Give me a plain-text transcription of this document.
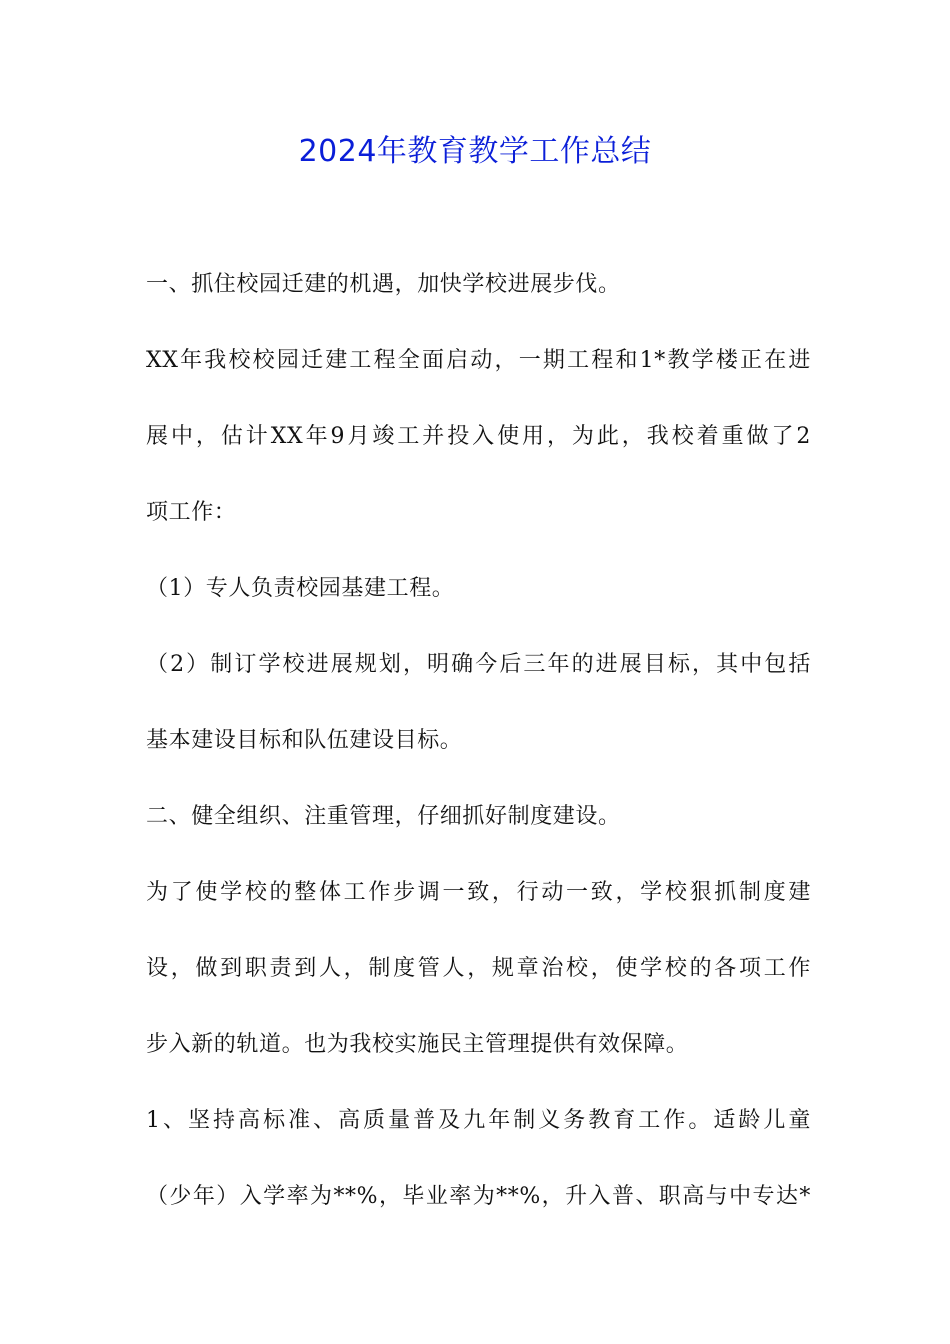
2024年教育教学工作总结

一、抓住校园迁建的机遇，加快学校进展步伐。

XX年我校校园迁建工程全面启动，一期工程和1*教学楼正在进

展中，估计XX年9月竣工并投入使用，为此，我校着重做了2

项工作：

（1）专人负责校园基建工程。

（2）制订学校进展规划，明确今后三年的进展目标，其中包括

基本建设目标和队伍建设目标。

二、健全组织、注重管理，仔细抓好制度建设。

为了使学校的整体工作步调一致，行动一致，学校狠抓制度建

设，做到职责到人，制度管人，规章治校，使学校的各项工作

步入新的轨道。也为我校实施民主管理提供有效保障。

1、坚持高标准、高质量普及九年制义务教育工作。适龄儿童

（少年）入学率为**%，毕业率为**%，升入普、职高与中专达*
